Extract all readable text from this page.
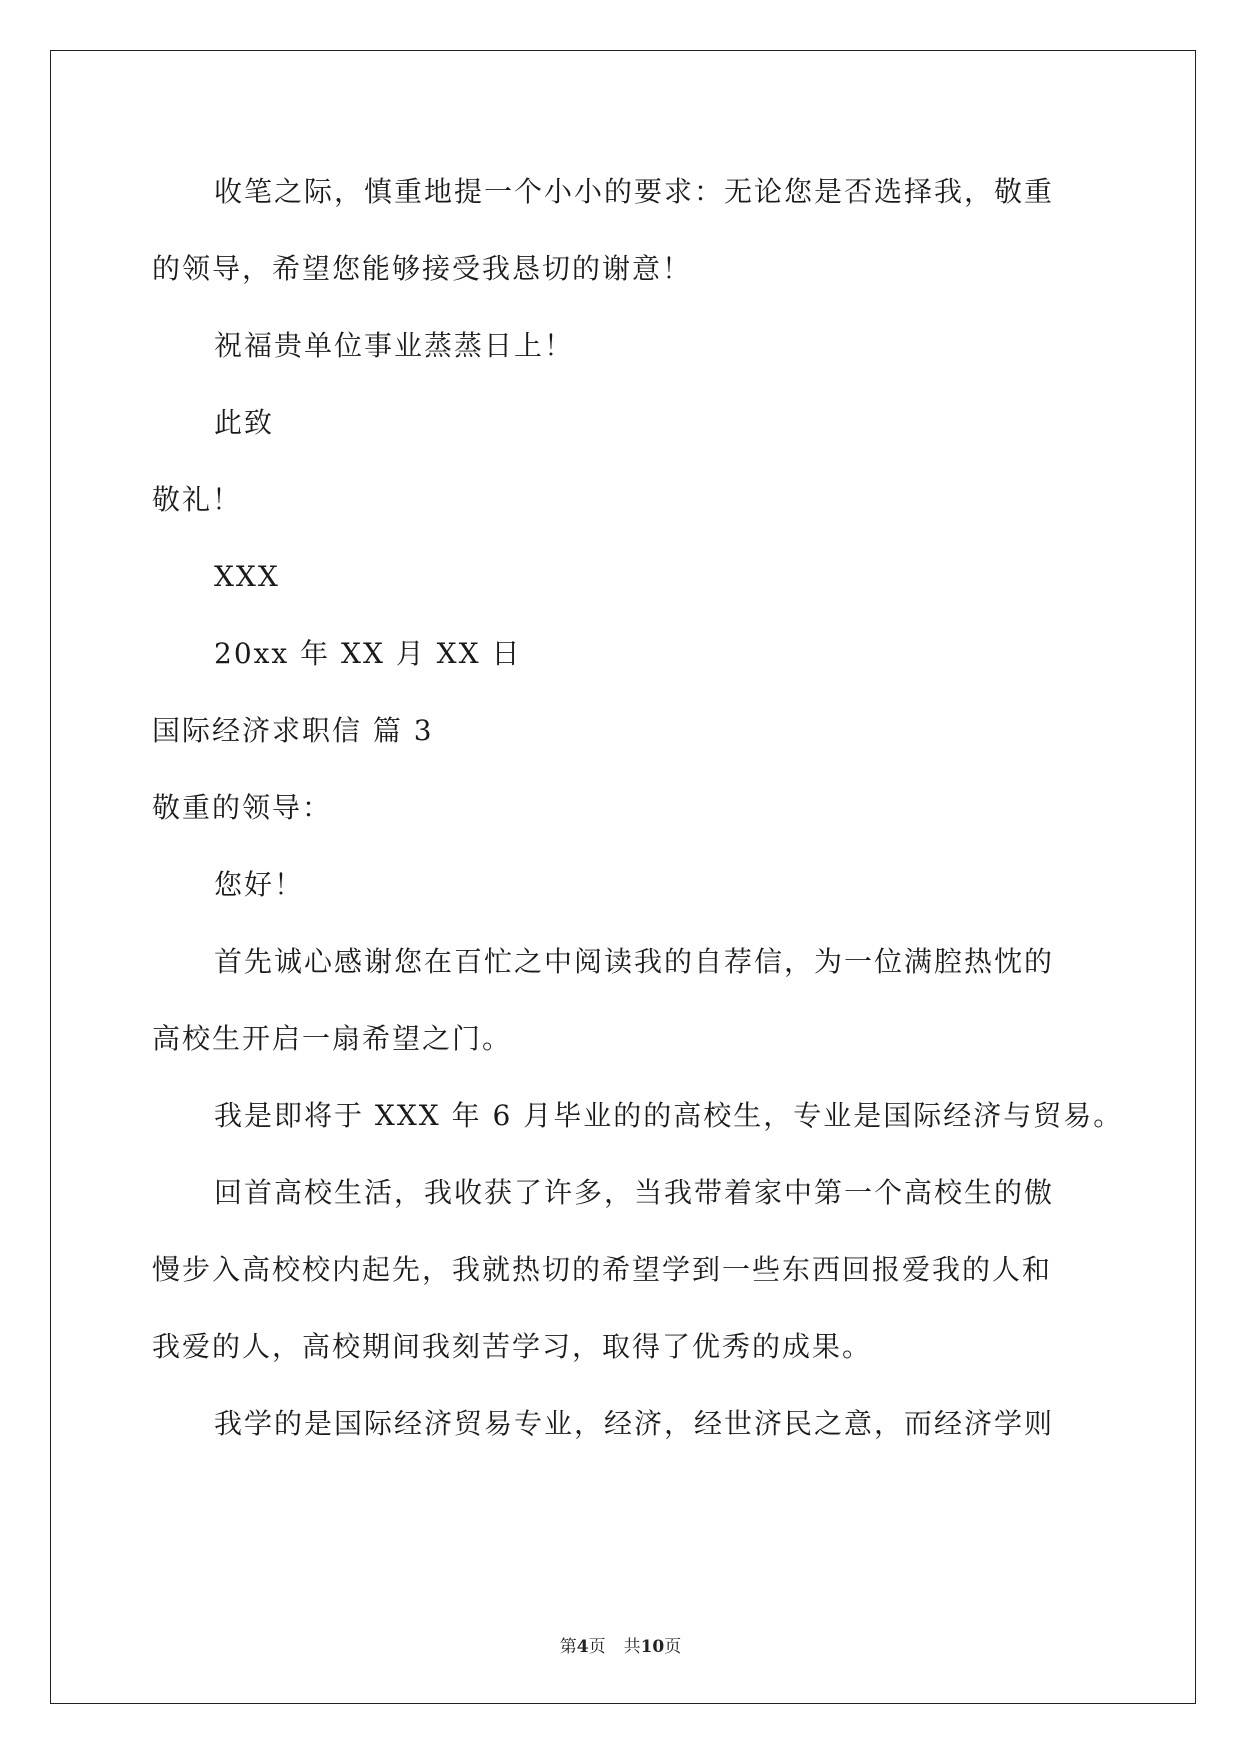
收笔之际，慎重地提一个小小的要求：无论您是否选择我，敬重
的领导，希望您能够接受我恳切的谢意！
祝福贵单位事业蒸蒸日上！
此致
敬礼！
XXX
20xx 年 XX 月 XX 日
国际经济求职信 篇 3
敬重的领导：
您好！
首先诚心感谢您在百忙之中阅读我的自荐信，为一位满腔热忱的
高校生开启一扇希望之门。
我是即将于 XXX 年 6 月毕业的的高校生，专业是国际经济与贸易。
回首高校生活，我收获了许多，当我带着家中第一个高校生的傲
慢步入高校校内起先，我就热切的希望学到一些东西回报爱我的人和
我爱的人，高校期间我刻苦学习，取得了优秀的成果。
我学的是国际经济贸易专业，经济，经世济民之意，而经济学则
第4页 共10页
